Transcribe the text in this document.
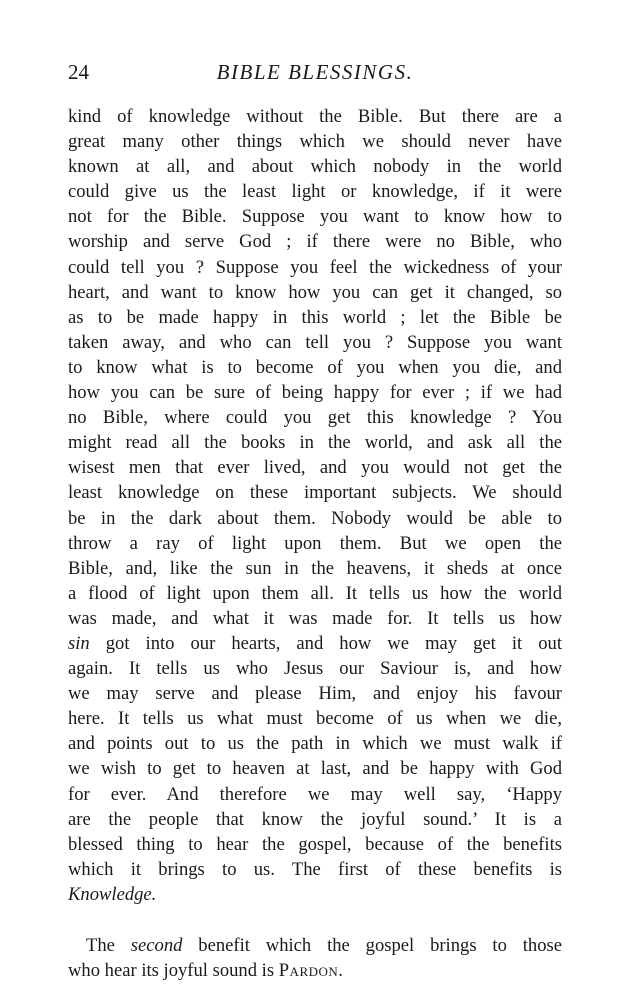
24	BIBLE BLESSINGS.
kind of knowledge without the Bible. But there are a
great many other things which we should never have
known at all, and about which nobody in the world
could give us the least light or knowledge, if it were
not for the Bible. Suppose you want to know how to
worship and serve God ; if there were no Bible, who
could tell you ? Suppose you feel the wickedness of your
heart, and want to know how you can get it changed, so
as to be made happy in this world ; let the Bible be
taken away, and who can tell you ? Suppose you want
to know what is to become of you when you die, and
how you can be sure of being happy for ever ; if we had
no Bible, where could you get this knowledge ? You
might read all the books in the world, and ask all the
wisest men that ever lived, and you would not get the
least knowledge on these important subjects. We should
be in the dark about them. Nobody would be able to
throw a ray of light upon them. But we open the
Bible, and, like the sun in the heavens, it sheds at once
a flood of light upon them all. It tells us how the world
was made, and what it was made for. It tells us how
sin got into our hearts, and how we may get it out
again. It tells us who Jesus our Saviour is, and how
we may serve and please Him, and enjoy his favour
here. It tells us what must become of us when we die,
and points out to us the path in which we must walk if
we wish to get to heaven at last, and be happy with God
for ever. And therefore we may well say, ‘Happy
are the people that know the joyful sound.’ It is a
blessed thing to hear the gospel, because of the benefits
which it brings to us. The first of these benefits is
Knowledge.
The second benefit which the gospel brings to those
who hear its joyful sound is Pardon.
